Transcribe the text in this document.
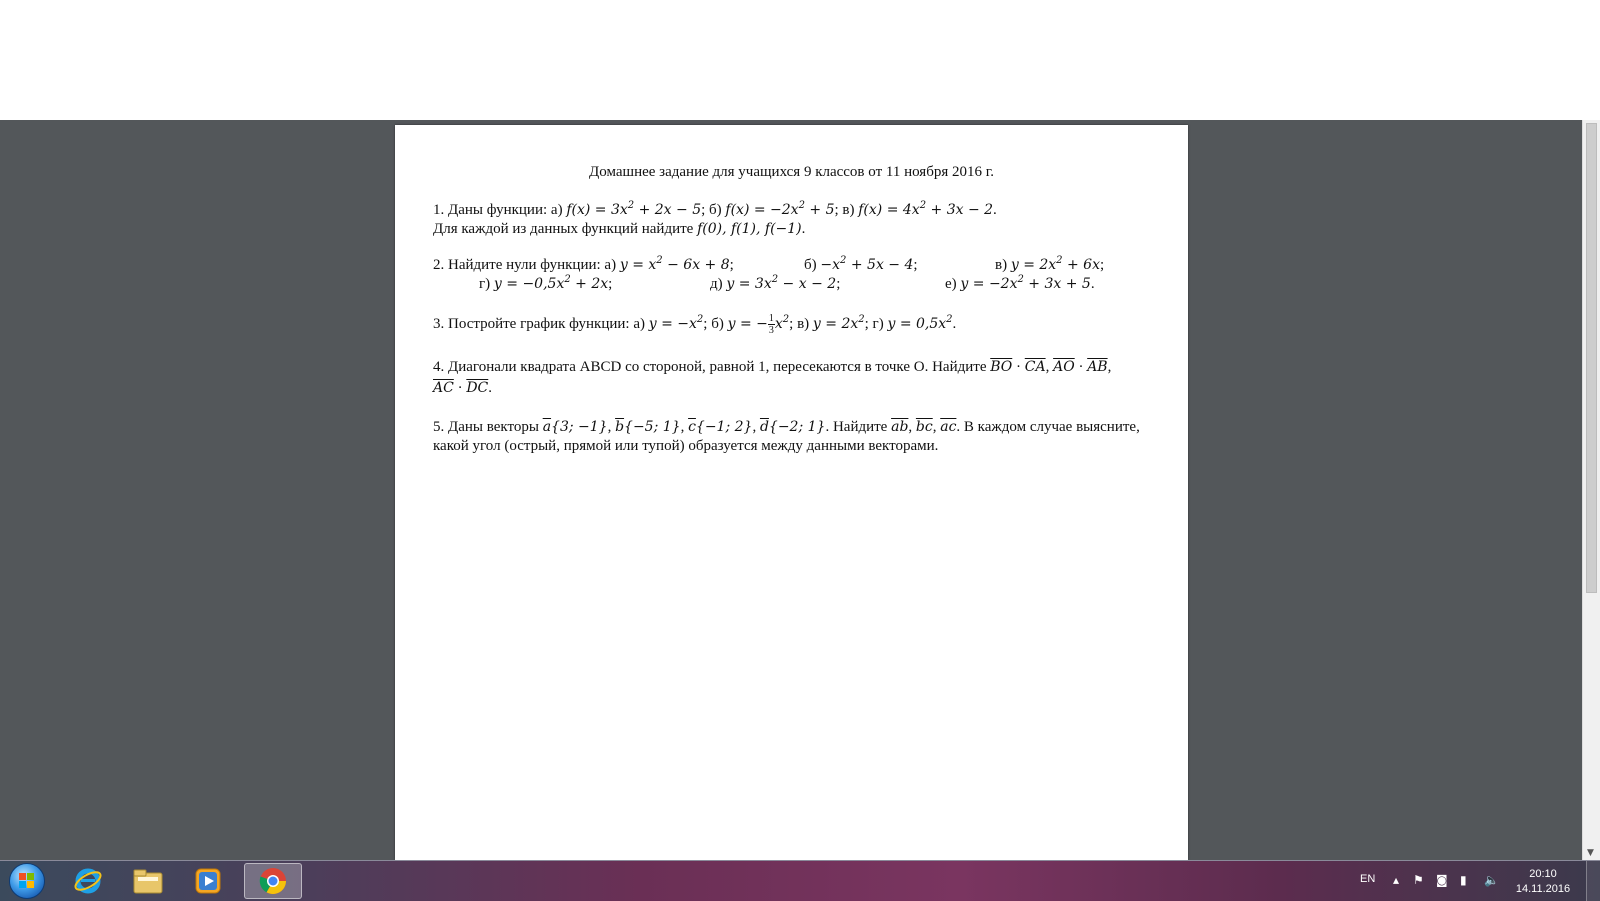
▼
Домашнее задание для учащихся 9 классов от 11 ноября 2016 г.
1. Даны функции: а) $f(x) = 3x^2 + 2x - 5$; б) $f(x) = -2x^2 + 5$; в) $f(x) = 4x^2 + 3x - 2$.
Для каждой из данных функций найдите f(0), f(1), f(−1).
2. Найдите нули функции: а) $y = x^2 - 6x + 8$;	$б) -x^2 + 5x - 4$;	в) $y = 2x^2 + 6x$;
г) $y = -0,5x^2 + 2x$;	д) $y = 3x^2 - x - 2$;	е) $y = -2x^2 + 3x + 5$.
3. Постройте график функции: а) $y = -x^2$; б) y = − $\frac{1}{3} x^2$; в) $y = 2x^2$; г) $y = 0,5x^2$.
4. Диагонали квадрата ABCD со стороной, равной 1, пересекаются в точке О. Найдите $\overline{BO} \cdot \overline{CA}$, $\overline{AO} \cdot \overline{AB}$,
$\overline{AC} \cdot \overline{DC}$.
5. Даны векторы $\overline{a}\{3$; −1}, $\overline{b}\{-5$; 1}, $\overline{c}\{-1$; 2}, $\overline{d}\{-2$; 1}. Найдите $\overline{ab}$, $\overline{bc}$, $\overline{ac}$. В каждом случае выясните,
какой угол (острый, прямой или тупой) образуется между данными векторами.
EN ▴ ⚑ ◙ ▮ 🔈	20:10
14.11.2016
